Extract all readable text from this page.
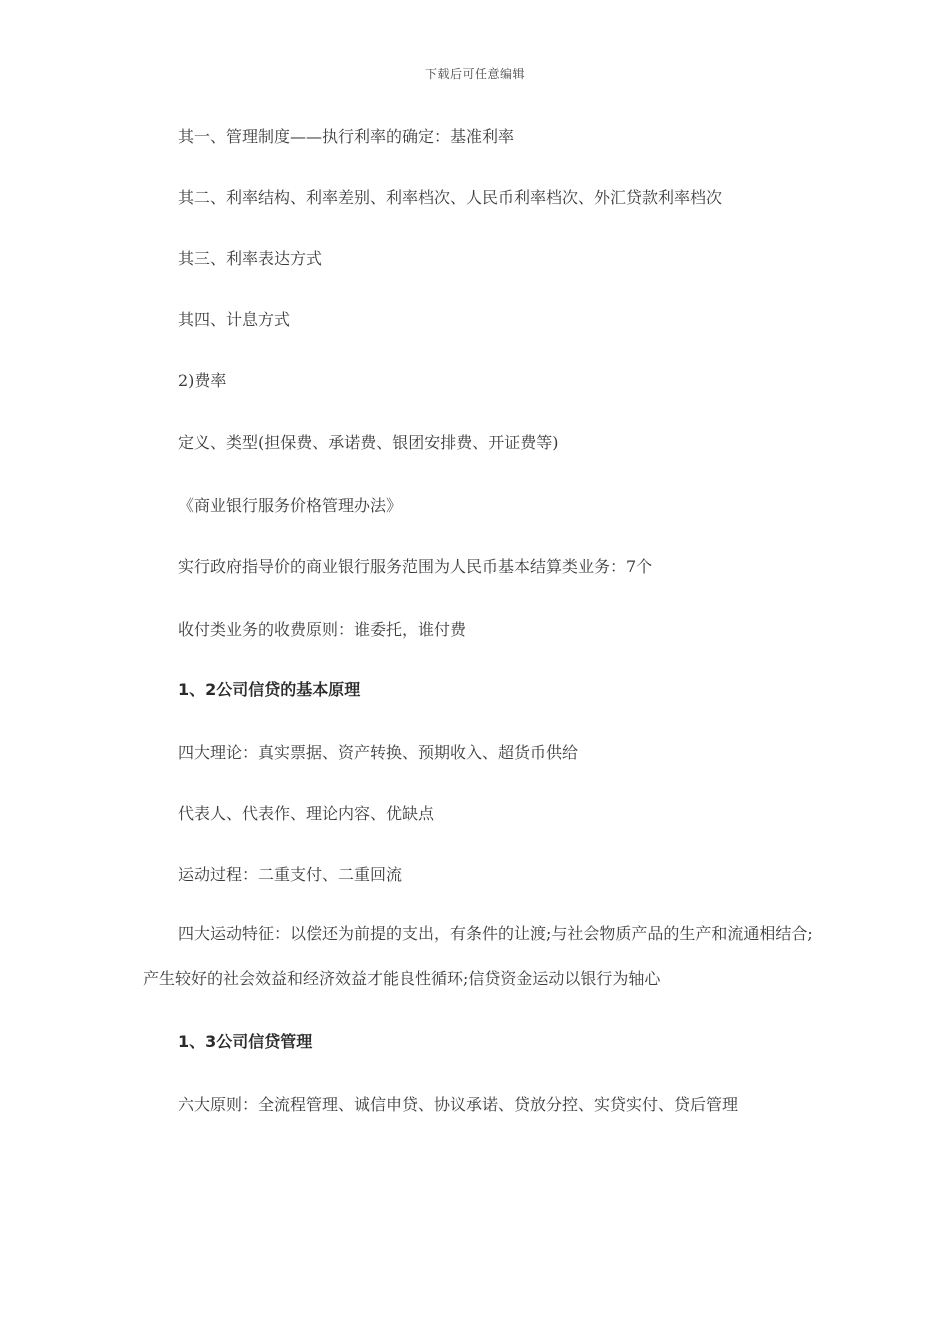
下载后可任意编辑
其一、管理制度——执行利率的确定：基准利率
其二、利率结构、利率差别、利率档次、人民币利率档次、外汇贷款利率档次
其三、利率表达方式
其四、计息方式
2)费率
定义、类型(担保费、承诺费、银团安排费、开证费等)
《商业银行服务价格管理办法》
实行政府指导价的商业银行服务范围为人民币基本结算类业务：7个
收付类业务的收费原则：谁委托，谁付费
1、2公司信贷的基本原理
四大理论：真实票据、资产转换、预期收入、超货币供给
代表人、代表作、理论内容、优缺点
运动过程：二重支付、二重回流
四大运动特征：以偿还为前提的支出，有条件的让渡;与社会物质产品的生产和流通相结合;产生较好的社会效益和经济效益才能良性循环;信贷资金运动以银行为轴心
1、3公司信贷管理
六大原则：全流程管理、诚信申贷、协议承诺、贷放分控、实贷实付、贷后管理
